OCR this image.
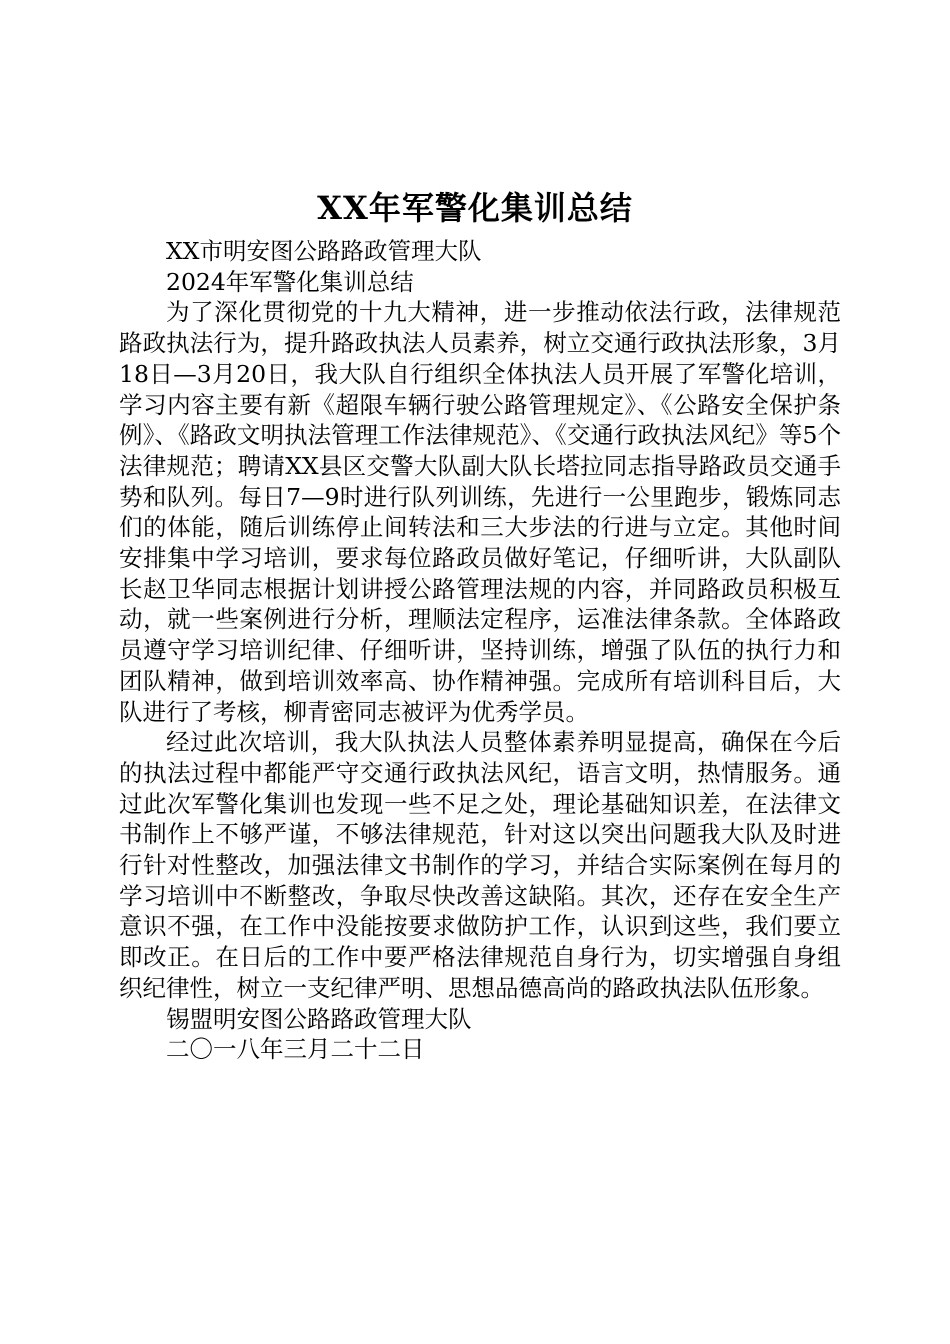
XX年军警化集训总结

XX市明安图公路路政管理大队

2024年军警化集训总结

为了深化贯彻党的十九大精神，进一步推动依法行政，法律规范路政执法行为，提升路政执法人员素养，树立交通行政执法形象，3月18日—3月20日，我大队自行组织全体执法人员开展了军警化培训，学习内容主要有新《超限车辆行驶公路管理规定》、《公路安全保护条例》、《路政文明执法管理工作法律规范》、《交通行政执法风纪》等5个法律规范；聘请XX县区交警大队副大队长塔拉同志指导路政员交通手势和队列。每日7—9时进行队列训练，先进行一公里跑步，锻炼同志们的体能，随后训练停止间转法和三大步法的行进与立定。其他时间安排集中学习培训，要求每位路政员做好笔记，仔细听讲，大队副队长赵卫华同志根据计划讲授公路管理法规的内容，并同路政员积极互动，就一些案例进行分析，理顺法定程序，运准法律条款。全体路政员遵守学习培训纪律、仔细听讲，坚持训练，增强了队伍的执行力和团队精神，做到培训效率高、协作精神强。完成所有培训科目后，大队进行了考核，柳青密同志被评为优秀学员。

经过此次培训，我大队执法人员整体素养明显提高，确保在今后的执法过程中都能严守交通行政执法风纪，语言文明，热情服务。通过此次军警化集训也发现一些不足之处，理论基础知识差，在法律文书制作上不够严谨，不够法律规范，针对这以突出问题我大队及时进行针对性整改，加强法律文书制作的学习，并结合实际案例在每月的学习培训中不断整改，争取尽快改善这缺陷。其次，还存在安全生产意识不强，在工作中没能按要求做防护工作，认识到这些，我们要立即改正。在日后的工作中要严格法律规范自身行为，切实增强自身组织纪律性，树立一支纪律严明、思想品德高尚的路政执法队伍形象。

锡盟明安图公路路政管理大队

二〇一八年三月二十二日
